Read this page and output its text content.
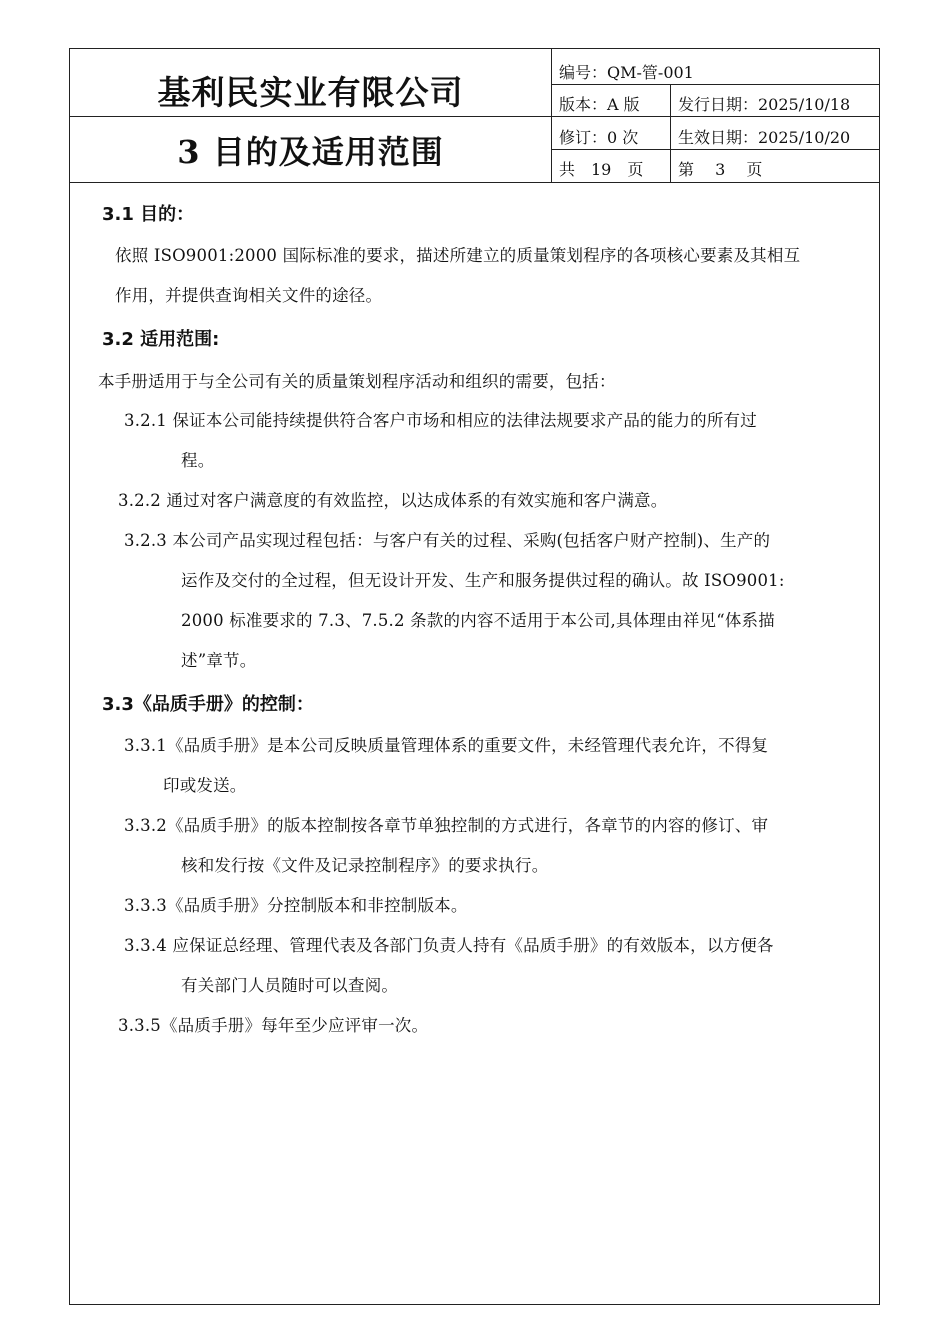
基利民实业有限公司
3 目的及适用范围
编号：QM-管-001
版本：A 版 发行日期：2025/10/18
修订：0 次 生效日期：2025/10/20
共　19　页 第　 3　 页
3.1 目的：
依照 ISO9001:2000 国际标准的要求，描述所建立的质量策划程序的各项核心要素及其相互
作用，并提供查询相关文件的途径。
3.2 适用范围:
本手册适用于与全公司有关的质量策划程序活动和组织的需要，包括：
3.2.1 保证本公司能持续提供符合客户市场和相应的法律法规要求产品的能力的所有过
程。
3.2.2 通过对客户满意度的有效监控，以达成体系的有效实施和客户满意。
3.2.3 本公司产品实现过程包括：与客户有关的过程、采购(包括客户财产控制)、生产的
运作及交付的全过程，但无设计开发、生产和服务提供过程的确认。故 ISO9001:
2000 标准要求的 7.3、7.5.2 条款的内容不适用于本公司,具体理由祥见“体系描
述”章节。
3.3《品质手册》的控制：
3.3.1《品质手册》是本公司反映质量管理体系的重要文件，未经管理代表允许，不得复
印或发送。
3.3.2《品质手册》的版本控制按各章节单独控制的方式进行，各章节的内容的修订、审
核和发行按《文件及记录控制程序》的要求执行。
3.3.3《品质手册》分控制版本和非控制版本。
3.3.4 应保证总经理、管理代表及各部门负责人持有《品质手册》的有效版本，以方便各
有关部门人员随时可以查阅。
3.3.5《品质手册》每年至少应评审一次。
